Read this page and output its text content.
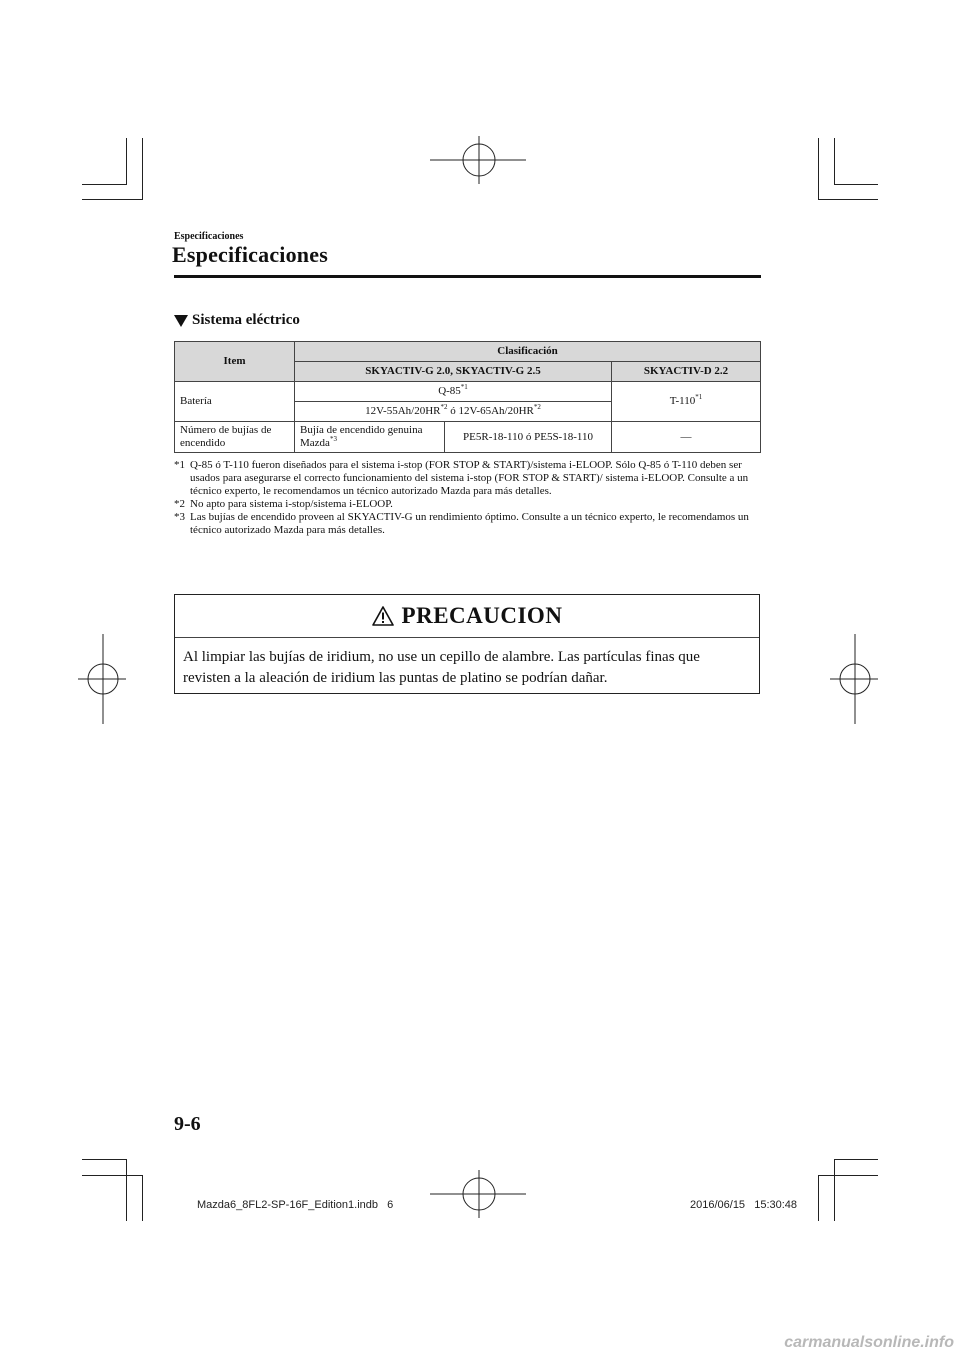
Especificaciones
Especificaciones
Sistema eléctrico
Item	Clasificación		
	SKYACTIV-G 2.0, SKYACTIV-G 2.5		SKYACTIV-D 2.2
Batería	Q-85$^{*1}$		T-110$^{*1}$
	12V-55Ah/20HR$^{*2}$ ó 12V-65Ah/20HR$^{*2}$
Número de bujías de encendido	Bujía de encendido genuina Mazda$^{*3}$	PE5R-18-110 ó PE5S-18-110	—
*1 Q-85 ó T-110 fueron diseñados para el sistema i-stop (FOR STOP & START)/sistema i-ELOOP. Sólo Q-85 ó T-110 deben ser usados para asegurarse el correcto funcionamiento del sistema i-stop (FOR STOP & START)/ sistema i-ELOOP. Consulte a un técnico experto, le recomendamos un técnico autorizado Mazda para más detalles.
*2 No apto para sistema i-stop/sistema i-ELOOP.
*3 Las bujías de encendido proveen al SKYACTIV-G un rendimiento óptimo. Consulte a un técnico experto, le recomendamos un técnico autorizado Mazda para más detalles.
PRECAUCION
Al limpiar las bujías de iridium, no use un cepillo de alambre. Las partículas finas que revisten a la aleación de iridium las puntas de platino se podrían dañar.
9-6
Mazda6_8FL2-SP-16F_Edition1.indb   6	2016/06/15   15:30:48
carmanualsonline.info
